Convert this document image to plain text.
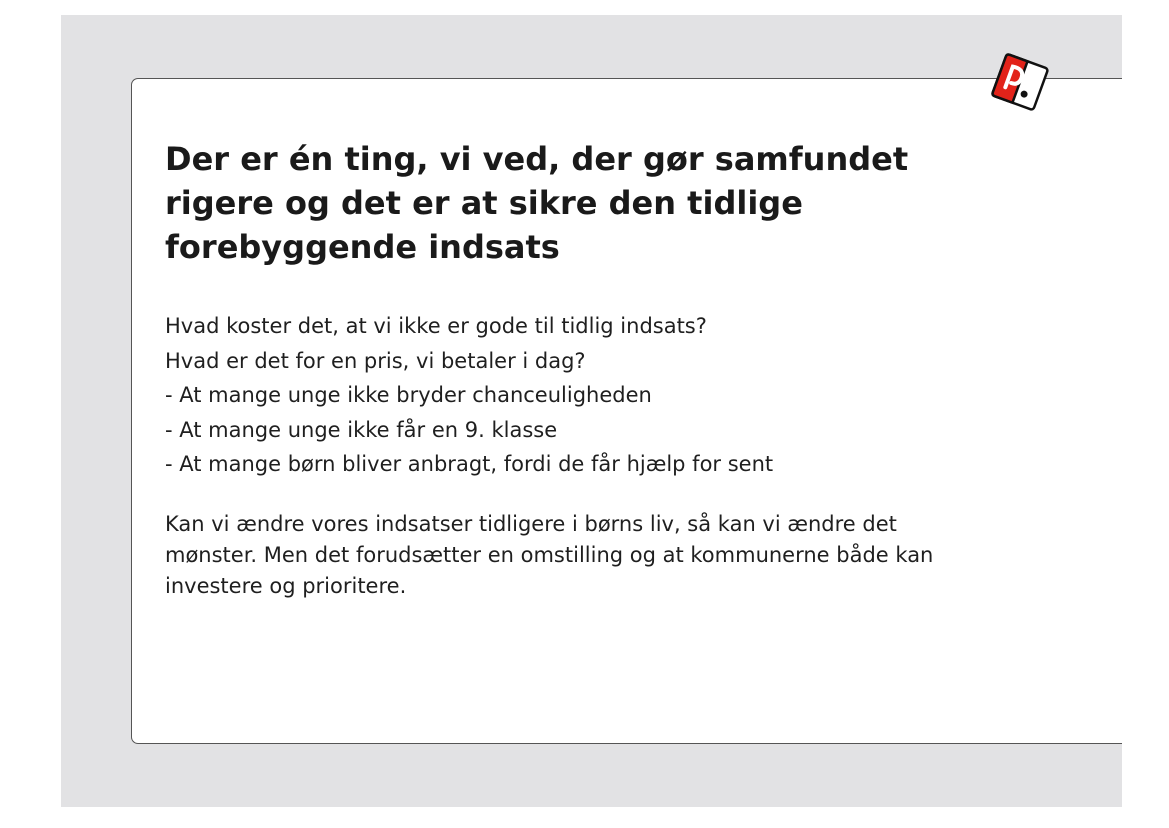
Der er én ting, vi ved, der gør samfundet
rigere og det er at sikre den tidlige
forebyggende indsats
Hvad koster det, at vi ikke er gode til tidlig indsats?
Hvad er det for en pris, vi betaler i dag?
- At mange unge ikke bryder chanceuligheden
- At mange unge ikke får en 9. klasse
- At mange børn bliver anbragt, fordi de får hjælp for sent
Kan vi ændre vores indsatser tidligere i børns liv, så kan vi ændre det
mønster. Men det forudsætter en omstilling og at kommunerne både kan
investere og prioritere.
